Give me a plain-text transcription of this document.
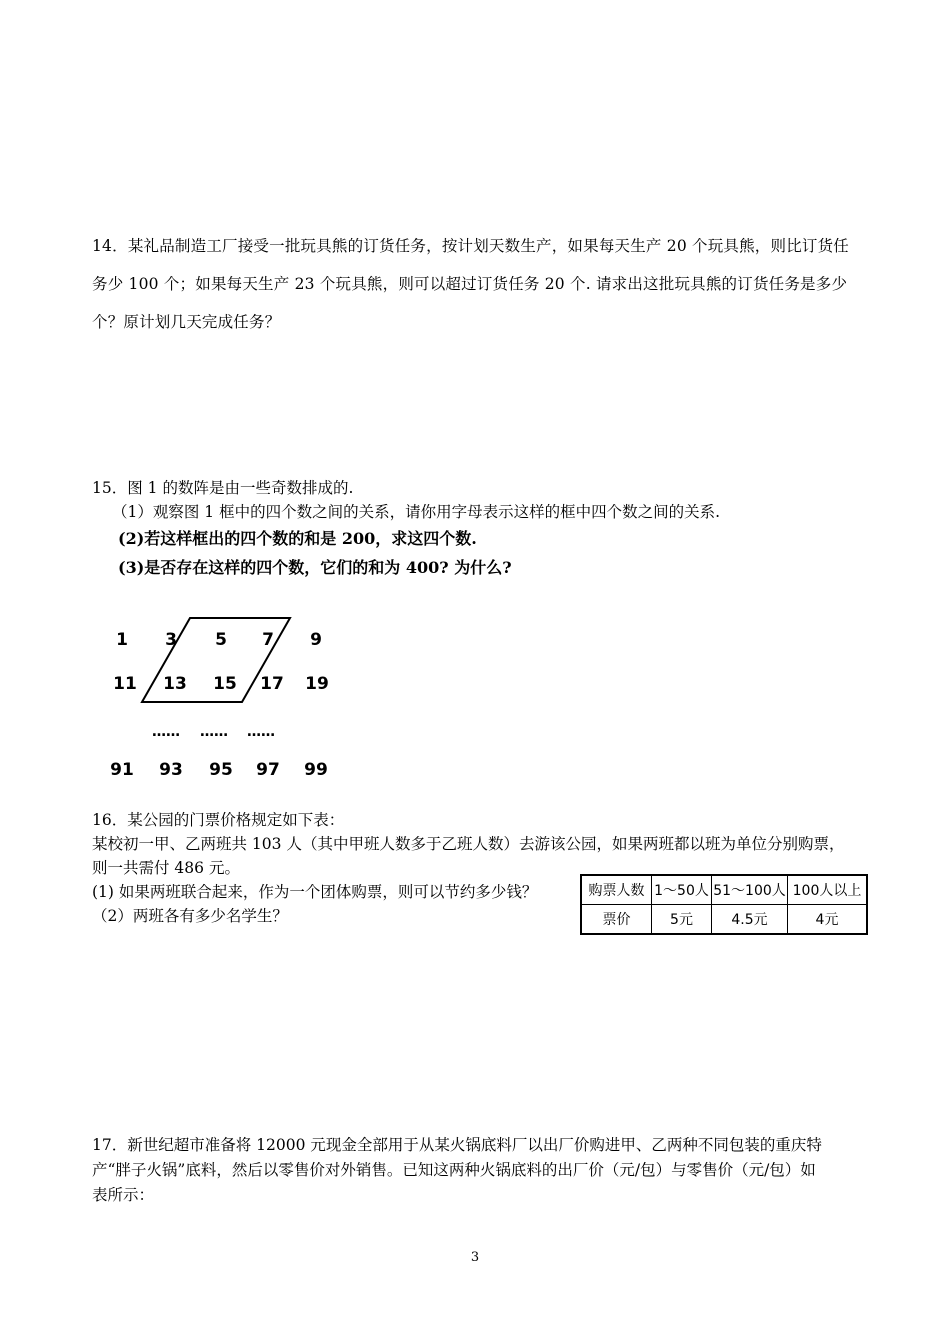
14．某礼品制造工厂接受一批玩具熊的订货任务，按计划天数生产，如果每天生产 20 个玩具熊，则比订货任
务少 100 个；如果每天生产 23 个玩具熊，则可以超过订货任务 20 个. 请求出这批玩具熊的订货任务是多少
个？原计划几天完成任务？
15．图 1 的数阵是由一些奇数排成的.
（1）观察图 1 框中的四个数之间的关系，请你用字母表示这样的框中四个数之间的关系.
(2)若这样框出的四个数的和是 200，求这四个数.
(3)是否存在这样的四个数，它们的和为 400? 为什么?
1 3 5 7 9
11 13 15 17 19
…… …… ……
91 93 95 97 99
16．某公园的门票价格规定如下表：
某校初一甲、乙两班共 103 人（其中甲班人数多于乙班人数）去游该公园，如果两班都以班为单位分别购票，
则一共需付 486 元。
(1) 如果两班联合起来，作为一个团体购票，则可以节约多少钱？
（2）两班各有多少名学生？
购票人数	1～50人	51～100人	100人以上
票价	5元	4.5元	4元
17．新世纪超市准备将 12000 元现金全部用于从某火锅底料厂以出厂价购进甲、乙两种不同包装的重庆特
产“胖子火锅”底料，然后以零售价对外销售。已知这两种火锅底料的出厂价（元/包）与零售价（元/包）如
表所示：
3
